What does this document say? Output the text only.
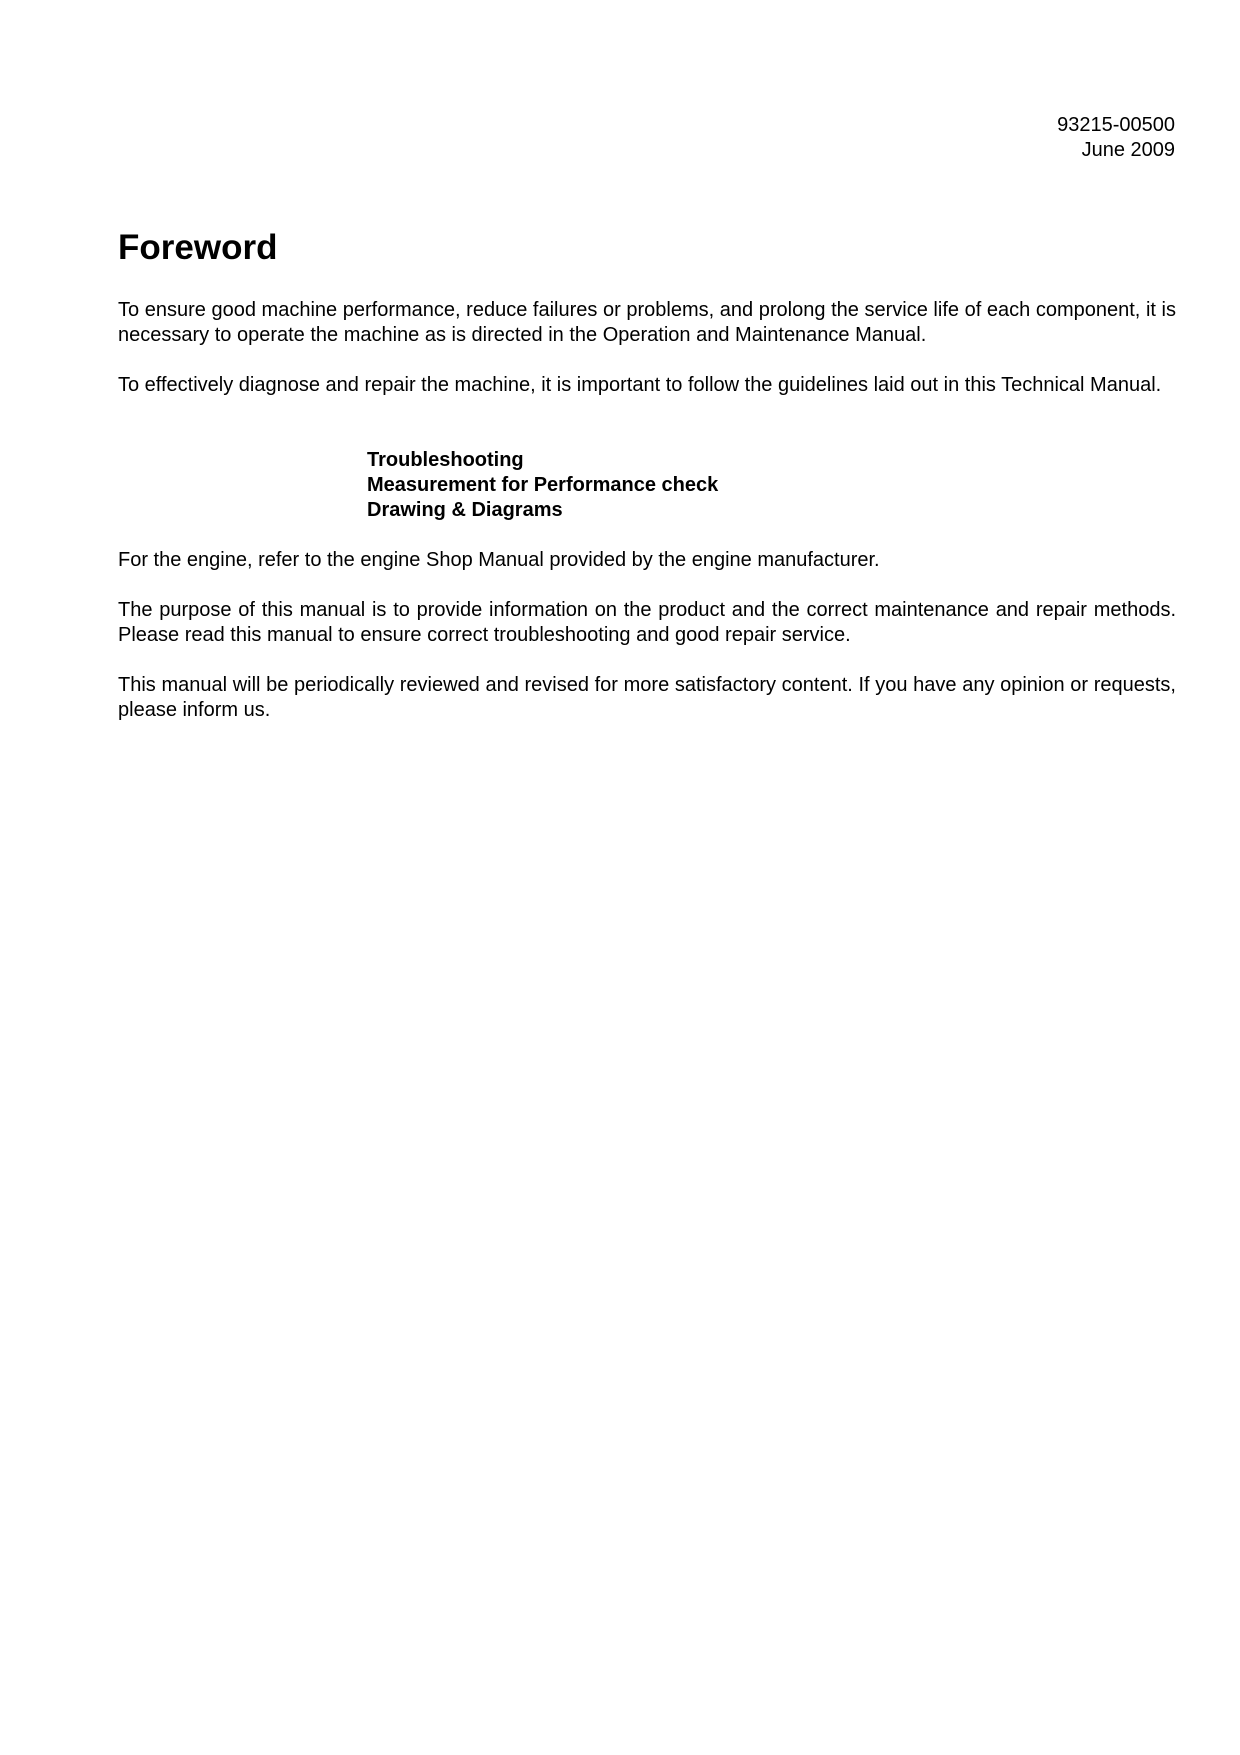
93215-00500
June 2009
Foreword

To ensure good machine performance, reduce failures or problems, and prolong the service life of each component, it is necessary to operate the machine as is directed in the Operation and Maintenance Manual.

To effectively diagnose and repair the machine, it is important to follow the guidelines laid out in this Technical Manual.

Troubleshooting
Measurement for Performance check
Drawing & Diagrams

For the engine, refer to the engine Shop Manual provided by the engine manufacturer.

The purpose of this manual is to provide information on the product and the correct maintenance and repair methods. Please read this manual to ensure correct troubleshooting and good repair service.

This manual will be periodically reviewed and revised for more satisfactory content. If you have any opinion or requests, please inform us.
